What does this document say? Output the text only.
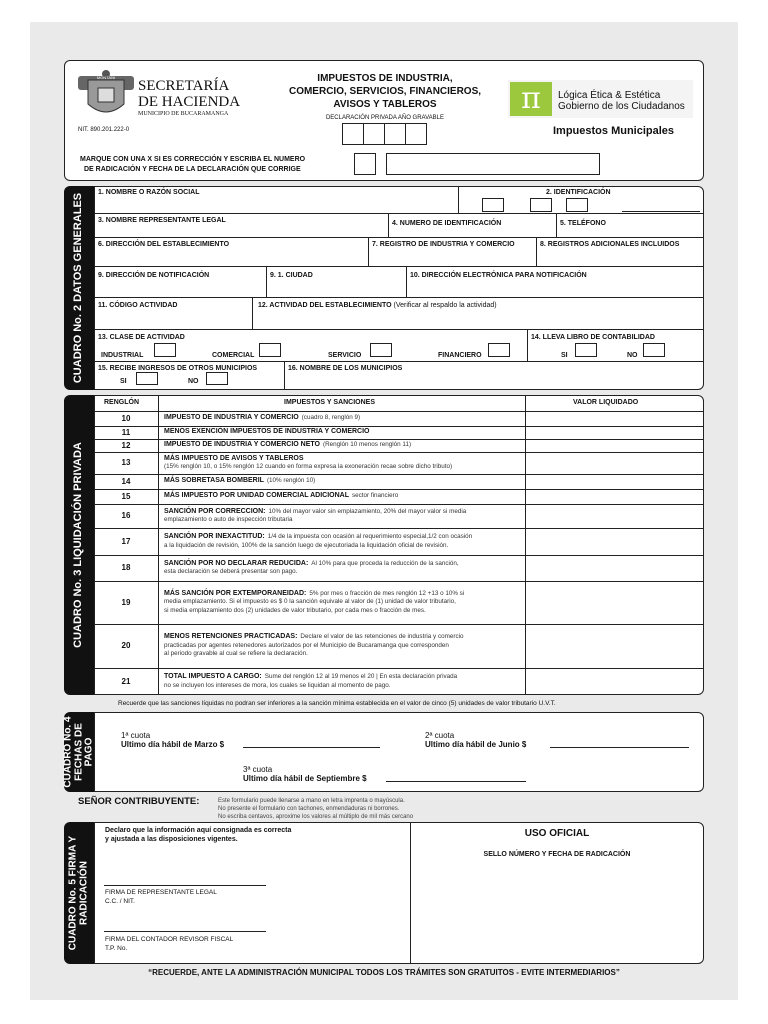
MONTANI
SECRETARÍA
DE HACIENDA
MUNICIPIO DE BUCARAMANGA
NIT. 890.201.222-0
IMPUESTOS DE INDUSTRIA,
COMERCIO, SERVICIOS, FINANCIEROS,
AVISOS Y TABLEROS
DECLARACIÓN PRIVADA AÑO GRAVABLE
π	Lógica Ética & Estética
Gobierno de los Ciudadanos
Impuestos Municipales
MARQUE CON UNA X SI ES CORRECCIÓN Y ESCRIBA EL NUMERO
DE RADICACIÓN Y FECHA DE LA DECLARACIÓN QUE CORRIGE
CUADRO No. 2 DATOS GENERALES
1. NOMBRE O RAZÓN SOCIAL	2. IDENTIFICACIÓN
3. NOMBRE REPRESENTANTE LEGAL	4. NUMERO DE IDENTIFICACIÓN	5. TELÉFONO
6. DIRECCIÓN DEL ESTABLECIMIENTO	7. REGISTRO DE INDUSTRIA Y COMERCIO	8. REGISTROS ADICIONALES INCLUIDOS
9. DIRECCIÓN DE NOTIFICACIÓN	9. 1. CIUDAD	10. DIRECCIÓN ELECTRÓNICA PARA NOTIFICACIÓN
11. CÓDIGO ACTIVIDAD	12. ACTIVIDAD DEL ESTABLECIMIENTO (Verificar al respaldo la actividad)
13. CLASE DE ACTIVIDAD
INDUSTRIAL	COMERCIAL	SERVICIO	FINANCIERO
14. LLEVA LIBRO DE CONTABILIDAD
SI	NO
15. RECIBE INGRESOS DE OTROS MUNICIPIOS
SI	NO
16. NOMBRE DE LOS MUNICIPIOS
CUADRO No. 3 LIQUIDACIÓN PRIVADA
RENGLÓN	IMPUESTOS Y SANCIONES	VALOR LIQUIDADO
10	IMPUESTO DE INDUSTRIA Y COMERCIO (cuadro 8, renglón 9)
11	MENOS EXENCIÓN IMPUESTOS DE INDUSTRIA Y COMERCIO
12	IMPUESTO DE INDUSTRIA Y COMERCIO NETO (Renglón 10 menos renglón 11)
13	MÁS IMPUESTO DE AVISOS Y TABLEROS
(15% renglón 10, o 15% renglón 12 cuando en forma expresa la exoneración recae sobre dicho tributo)
14	MÁS SOBRETASA BOMBERIL (10% renglón 10)
15	MÁS IMPUESTO POR UNIDAD COMERCIAL ADICIONAL sector financiero
16	SANCIÓN POR CORRECCION: 10% del mayor valor sin emplazamiento, 20% del mayor valor si media
emplazamiento o auto de inspección tributaria
17	SANCIÓN POR INEXACTITUD: 1/4 de la impuesta con ocasión al requerimiento especial,1/2 con ocasión
a la liquidación de revisión, 100% de la sanción luego de ejecutoriada la liquidación oficial de revisión.
18	SANCIÓN POR NO DECLARAR REDUCIDA: Al 10% para que proceda la reducción de la sanción,
esta declaración se deberá presentar son pago.
19
MÁS SANCIÓN POR EXTEMPORANEIDAD: 5% por mes o fracción de mes renglón 12 +13 o 10% si
media emplazamiento. Si el impuesto es $ 0 la sanción equivale al valor de (1) unidad de valor tributario,
si media emplazamiento dos (2) unidades de valor tributario, por cada mes o fracción de mes.
20
MENOS RETENCIONES PRACTICADAS: Declare el valor de las retenciones de industria y comercio
practicadas por agentes retenedores autorizados por el Municipio de Bucaramanga que corresponden
al periodo gravable al cual se refiere la declaración.
21	TOTAL IMPUESTO A CARGO: Sume del renglón 12 al 19 menos el 20 | En esta declaración privada
no se incluyen los intereses de mora, los cuales se liquidan al momento de pago.
Recuerde que las sanciones líquidas no podran ser inferiores a la sanción mínima establecida en el valor de cinco (5) unidades de valor tributario U.V.T.
CUADRO No. 4 FECHAS DE PAGO
1ª cuota
Ultimo día hábil de Marzo $
2ª cuota
Ultimo día hábil de Junio $
3ª cuota
Ultimo día hábil de Septiembre $
SEÑOR CONTRIBUYENTE:	Este formulario puede llenarse a mano en letra imprenta o mayúscula.
No presente el formulario con tachones, enmendaduras ni borrones.
No escriba centavos, aproxime los valores al múltiplo de mil más cercano
CUADRO No. 5 FIRMA Y RADICACIÓN
Declaro que la información aquí consignada es correcta
y ajustada a las disposiciones vigentes.
FIRMA DE REPRESENTANTE LEGAL
C.C. / NIT.
FIRMA DEL CONTADOR REVISOR FISCAL
T.P. No.
USO OFICIAL
SELLO NÚMERO Y FECHA DE RADICACIÓN
“RECUERDE, ANTE LA ADMINISTRACIÓN MUNICIPAL TODOS LOS TRÁMITES SON GRATUITOS - EVITE INTERMEDIARIOS”
